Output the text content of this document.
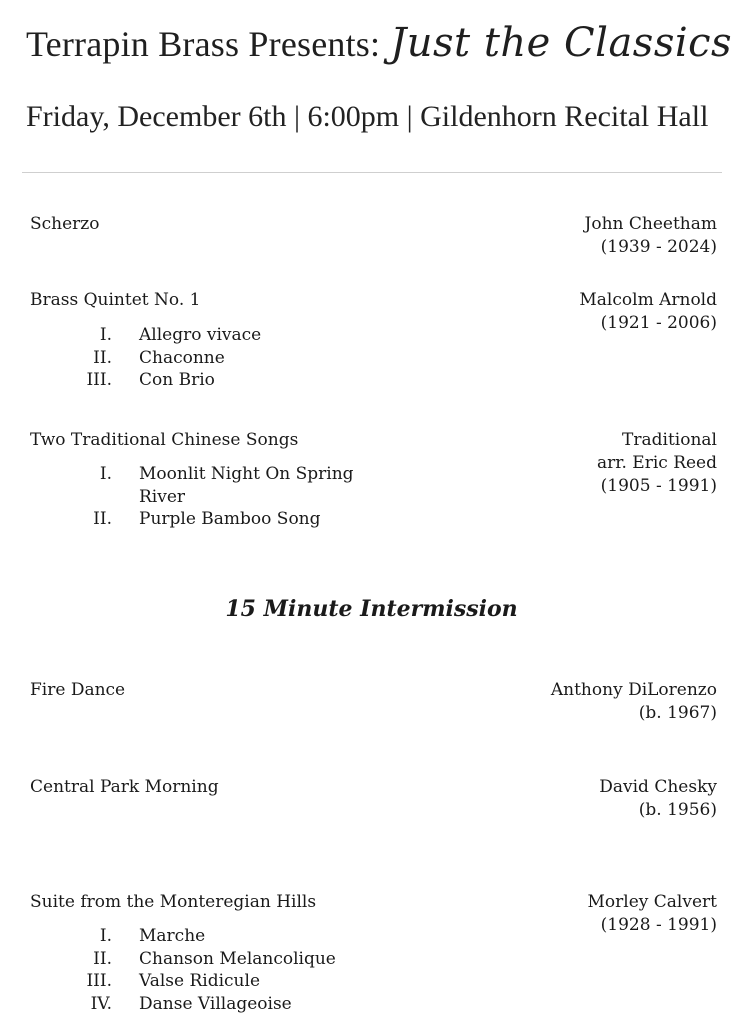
Terrapin Brass Presents: Just the Classics
Friday, December 6th | 6:00pm | Gildenhorn Recital Hall
Scherzo	John Cheetham
(1939 - 2024)
Brass Quintet No. 1	Malcolm Arnold
(1921 - 2006)
I. Allegro vivace
II. Chaconne
III. Con Brio
Two Traditional Chinese Songs	Traditional
arr. Eric Reed
(1905 - 1991)
I. Moonlit Night On Spring River
II. Purple Bamboo Song
15 Minute Intermission
Fire Dance	Anthony DiLorenzo
(b. 1967)
Central Park Morning	David Chesky
(b. 1956)
Suite from the Monteregian Hills	Morley Calvert
(1928 - 1991)
I. Marche
II. Chanson Melancolique
III. Valse Ridicule
IV. Danse Villageoise
